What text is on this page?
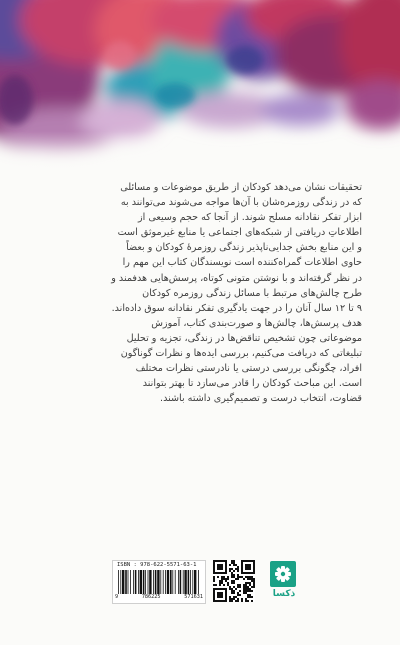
تحقیقات نشان می‌دهد کودکان از طریق موضوعات و مسائلی

که در زندگی روزمره‌شان با آن‌ها مواجه می‌شوند می‌توانند به

ابزار تفکر نقادانه مسلح شوند. از آنجا که حجم وسیعی از

اطلاعاتِ دریافتی از شبکه‌های اجتماعی یا منابع غیرموثق است

و این منابع بخش جدایی‌ناپذیر زندگی روزمرهٔ کودکان و بعضاً

حاوی اطلاعات گمراه‌کننده است نویسندگان کتاب این مهم را

در نظر گرفته‌اند و با نوشتن متونی کوتاه، پرسش‌هایی هدفمند و

طرح چالش‌های مرتبط با مسائل زندگی روزمره کودکان

۹ تا ۱۲ سال آنان را در جهت یادگیری تفکر نقادانه سوق داده‌اند.

هدف پرسش‌ها، چالش‌ها و صورت‌بندی کتاب، آموزش

موضوعاتی چون تشخیص تناقض‌ها در زندگی، تجزیه و تحلیل

تبلیغاتی که دریافت می‌کنیم، بررسی ایده‌ها و نظرات گوناگون

افراد، چگونگی بررسی درستی یا نادرستی نظرات مختلف

است. این مباحث کودکان را قادر می‌سازد تا بهتر بتوانند

قضاوت، انتخاب درست و تصمیم‌گیری داشته باشند.

ISBN : 978-622-5571-63-1
9	786225	571631	ذکسا
